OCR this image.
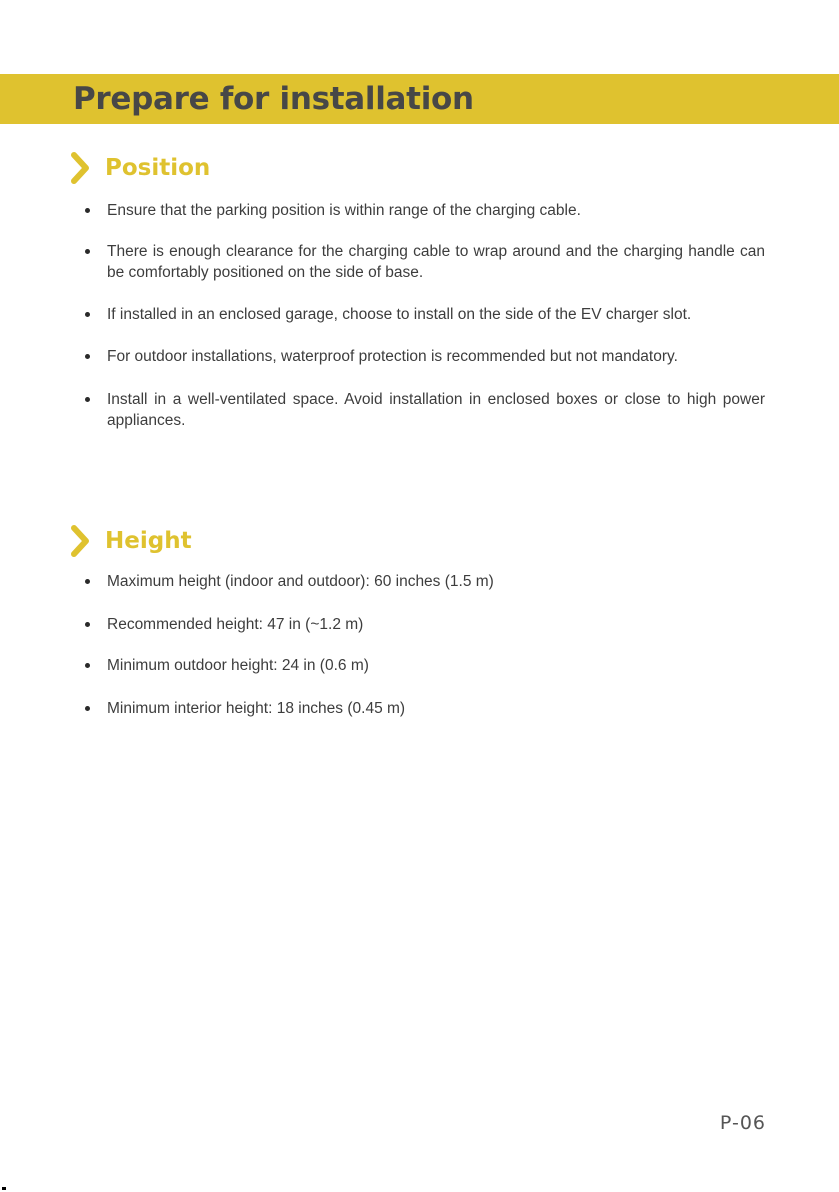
Prepare for installation
Position
Ensure that the parking position is within range of the charging cable.
There is enough clearance for the charging cable to wrap around and the charging handle can be comfortably positioned on the side of base.
If installed in an enclosed garage, choose to install on the side of the EV charger slot.
For outdoor installations, waterproof protection is recommended but not mandatory.
Install in a well-ventilated space. Avoid installation in enclosed boxes or close to high power appliances.
Height
Maximum height (indoor and outdoor): 60 inches (1.5 m)
Recommended height: 47 in (~1.2 m)
Minimum outdoor height: 24 in (0.6 m)
Minimum interior height: 18 inches (0.45 m)
P-06
